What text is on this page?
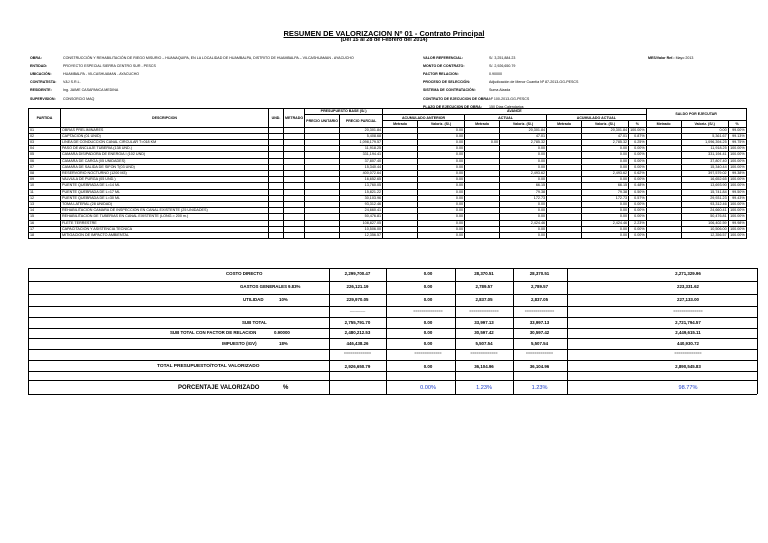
RESUMEN DE VALORIZACION Nº 01 - Contrato Principal
(Del 15 al 28 de Febrero del 2014)
OBRA:	CONSTRUCCIÓN Y REHABILITACIÓN DE RIEGO MISURIO – HUANAQUIPA, EN LA LOCALIDAD DE HUAMBALPA, DISTRITO DE HUAMBALPA – VILCASHUAMAN - AYACUCHO
ENTIDAD:	PROYECTO ESPECIAL SIERRA CENTRO SUR - PESCS
UBICACIÓN:	HUAMBALPA - VILCASHUAMAN - AYACUCHO
CONTRATISTA: V&J S.R.L.
RESIDENTE:	Ing. JAIME CASAPANCA MEDINA
SUPERVISION: CONSORCIO MAQ
VALOR REFERENCIAL:	S/. 3,251,884.23
MONTO DE CONTRATO:	S/. 2,926,650.79
FACTOR RELACION:	0.90000
PROCESO DE SELECCIÓN:	Adjudicación de Menor Cuantía Nº 87-2013-GG-PESCS
SISTEMA DE CONTRATACIÓN:	Suma Alzada
CONTRATO DE EJECUCION DE OBRA:Nº 100-2013-GG-PESCS
PLAZO DE EJECUCION DE OBRA: 150 Días Calendarios
MES/Valor Ref.: Mayo 2013
PARTIDA	DESCRIPCION	UND.	METRADO	PRESUPUESTO BASE (S/.)		AVANCE							SALDO POR EJECUTAR		
				PRECIO UNITARIO	PRECIO PARCIAL	ACUMULADO ANTERIOR		ACTUAL		ACUMULADO ACTUAL					
						Metrado	Valoriz. (S/.)	Metrado	Valoriz. (S/.)	Metrado	Valoriz. (S/.)	%	Metrado	Valoriz. (S/.)	%
01	OBRAS PRELIMINARES				20,301.84		0.00		20,301.84		20,301.84	100.00%		0.00	99.00%
02	CAPTACION (01 UNID)				5,408.68		0.00		47.01		47.01	0.87%		5,361.67	99.13%
03	LINEA DE CONDUCCION CANAL CIRCULAR T=018 KM				1,098,179.57		0.00	0.00	2,785.32		2,785.32	0.25%		1,096,394.25	99.75%
04	PASO DE ANCLAJE TUBERIA (138 UND.)				11,918.25		0.00		0.00		0.00	0.00%		11,918.25	100.00%
05	CAMARA DISIPADORA DE ENERGIA I (102 UND)				331,194.41		0.00		0.00		0.00	0.00%		331,194.41	100.00%
06	CAMARA DE CARGA (05 UNIDADES)				37,807.40		0.00		0.00		0.00	0.00%		37,807.40	100.00%
07	CAMARA DE SALIDA DE SIFON T(03 UND)				15,340.44		0.00		0.00		0.00	0.00%		15,340.44	100.00%
08	RESERVORIO NOCTURNO (1200 M3)				400,072.64		0.00		2,493.62		2,493.62	0.62%		397,579.02	99.38%
09	VALVULA DE PURGA (05 UND.)				16,652.65		0.00		0.00		0.00	0.00%		16,652.65	100.00%
10	PUENTE QUEBRADA DE L=14 ML				13,760.05		0.00		66.15		66.15	0.48%		13,693.90	100.00%
11	PUENTE QUEBRADA DE L=17 ML				15,821.22		0.00		79.38		79.38	0.50%		15,741.84	99.50%
12	PUENTE QUEBRADA DE L=30 ML				30,103.96		0.00		172.73		172.73	0.57%		29,931.23	99.43%
13	TOMA LATERAL (28 UNIDAD)				93,312.46		0.00		0.00		0.00	0.00%		93,312.46	100.00%
14	REHABILITACION CAMARA DE INSPECCION EN CANAL EXISTENTE (25 UNIDADES)				24,660.41		0.00		0.00		0.00	0.00%		24,660.41	100.00%
15	REHABILITACION DE TUBERIAS EN CANAL EXISTENTE (LONG.= 200 m.)				50,476.81		0.00		0.00		0.00	0.00%		50,476.81	100.00%
16	FLETE TERRESTRE				108,827.05		0.00		2,424.46		2,424.46	2.23%		106,402.59	99.98%
17	CAPACITACION Y ASISTENCIA TECNICA				10,506.00		0.00		0.00		0.00	0.00%		10,506.00	100.00%
18	MITIGACION DE IMPACTO AMBIENTAL				12,356.57		0.00		0.00		0.00	0.00%		12,356.57	100.00%
COSTO DIRECTO	2,299,700.47	0.00	28,370.51	28,370.51	2,271,329.96
GASTOS GENERALES 9.83%	226,121.19	0.00	2,789.57	2,789.57	223,331.62
UTILIDAD	10%	229,970.05	0.00	2,837.05	2,837.05	227,133.00
-------------	==============	==============	==============	==============
SUB TOTAL	2,755,791.70	0.00	33,997.13	33,997.13	2,721,794.57
SUB TOTAL CON FACTOR DE RELACION	0.90000	2,480,212.53	0.00	30,597.42	30,597.42	2,449,615.11
IMPUESTO (IGV)	18%	446,438.26	0.00	5,507.54	5,507.54	440,930.72
=============	=============	=============	=============	=============
TOTAL PRESUPUESTO/TOTAL VALORIZADO	2,926,650.79	0.00	36,104.96	36,104.96	2,890,545.83
PORCENTAJE VALORIZADO	%	0.00%	1.23%	1.23%	98.77%
